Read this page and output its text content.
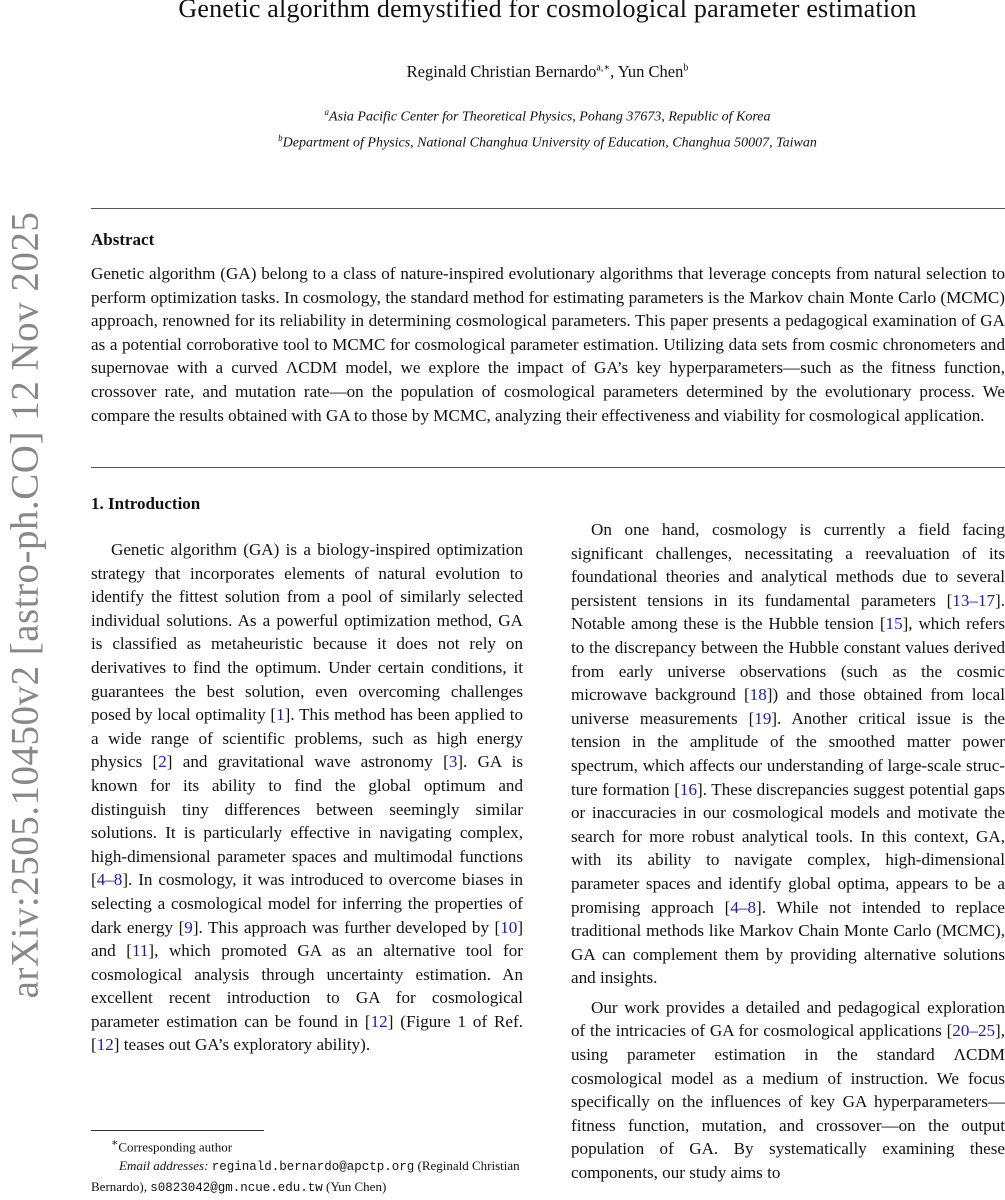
arXiv:2505.10450v2 [astro-ph.CO] 12 Nov 2025
Genetic algorithm demystified for cosmological parameter estimation
Reginald Christian Bernardo$^{a,∗}$, Yun Chen$^b$
$^a$Asia Pacific Center for Theoretical Physics, Pohang 37673, Republic of Korea
$^b$Department of Physics, National Changhua University of Education, Changhua 50007, Taiwan
Abstract
Genetic algorithm (GA) belong to a class of nature-inspired evolutionary algorithms that leverage concepts from natural selection to perform optimization tasks. In cosmology, the standard method for estimating parameters is the Markov chain Monte Carlo (MCMC) approach, renowned for its reliability in determining cosmological parameters. This paper presents a pedagogical examination of GA as a potential corroborative tool to MCMC for cosmological parameter estimation. Utilizing data sets from cosmic chronometers and supernovae with a curved ΛCDM model, we explore the impact of GA’s key hyperparameters—such as the fitness function, crossover rate, and mutation rate—on the population of cosmological parameters determined by the evolutionary process. We compare the results obtained with GA to those by MCMC, analyzing their effectiveness and viability for cosmological application.
1. Introduction

Genetic algorithm (GA) is a biology-inspired optimization strategy that incorporates elements of natural evolution to identify the fittest solution from a pool of similarly selected individual solutions. As a powerful optimization method, GA is classified as metaheuristic because it does not rely on derivatives to find the optimum. Under certain conditions, it guarantees the best solution, even overcoming challenges posed by local optimality [1]. This method has been applied to a wide range of scientific problems, such as high energy physics [2] and gravitational wave astronomy [3]. GA is known for its ability to find the global optimum and distinguish tiny differences between seemingly similar solutions. It is particularly effective in navigating complex, high-dimensional parameter spaces and multimodal functions [4–8]. In cosmology, it was introduced to overcome biases in selecting a cosmological model for inferring the properties of dark energy [9]. This approach was further developed by [10] and [11], which promoted GA as an alternative tool for cosmological analysis through uncertainty estimation. An excellent recent introduction to GA for cosmological parameter estimation can be found in [12] (Figure 1 of Ref. [12] teases out GA’s exploratory ability).

On one hand, cosmology is currently a field facing significant challenges, necessitating a reevaluation of its foundational theories and analytical methods due to several persistent tensions in its fundamental parameters [13–17]. Notable among these is the Hubble tension [15], which refers to the discrepancy between the Hubble constant values derived from early universe observations (such as the cosmic microwave background [18]) and those obtained from local universe measurements [19]. Another critical issue is the tension in the amplitude of the smoothed matter power spectrum, which affects our understanding of large-scale structure formation [16]. These discrepancies suggest potential gaps or inaccuracies in our cosmological models and motivate the search for more robust analytical tools. In this context, GA, with its ability to navigate complex, high-dimensional parameter spaces and identify global optima, appears to be a promising approach [4–8]. While not intended to replace traditional methods like Markov Chain Monte Carlo (MCMC), GA can complement them by providing alternative solutions and insights.

Our work provides a detailed and pedagogical exploration of the intricacies of GA for cosmological applications [20–25], using parameter estimation in the standard ΛCDM cosmological model as a medium of instruction. We focus specifically on the influences of key GA hyperparameters—fitness function, mutation, and crossover—on the output population of GA. By systematically examining these components, our study aims to

∗Corresponding author
Email addresses: reginald.bernardo@apctp.org (Reginald Christian Bernardo), s0823042@gm.ncue.edu.tw (Yun Chen)
